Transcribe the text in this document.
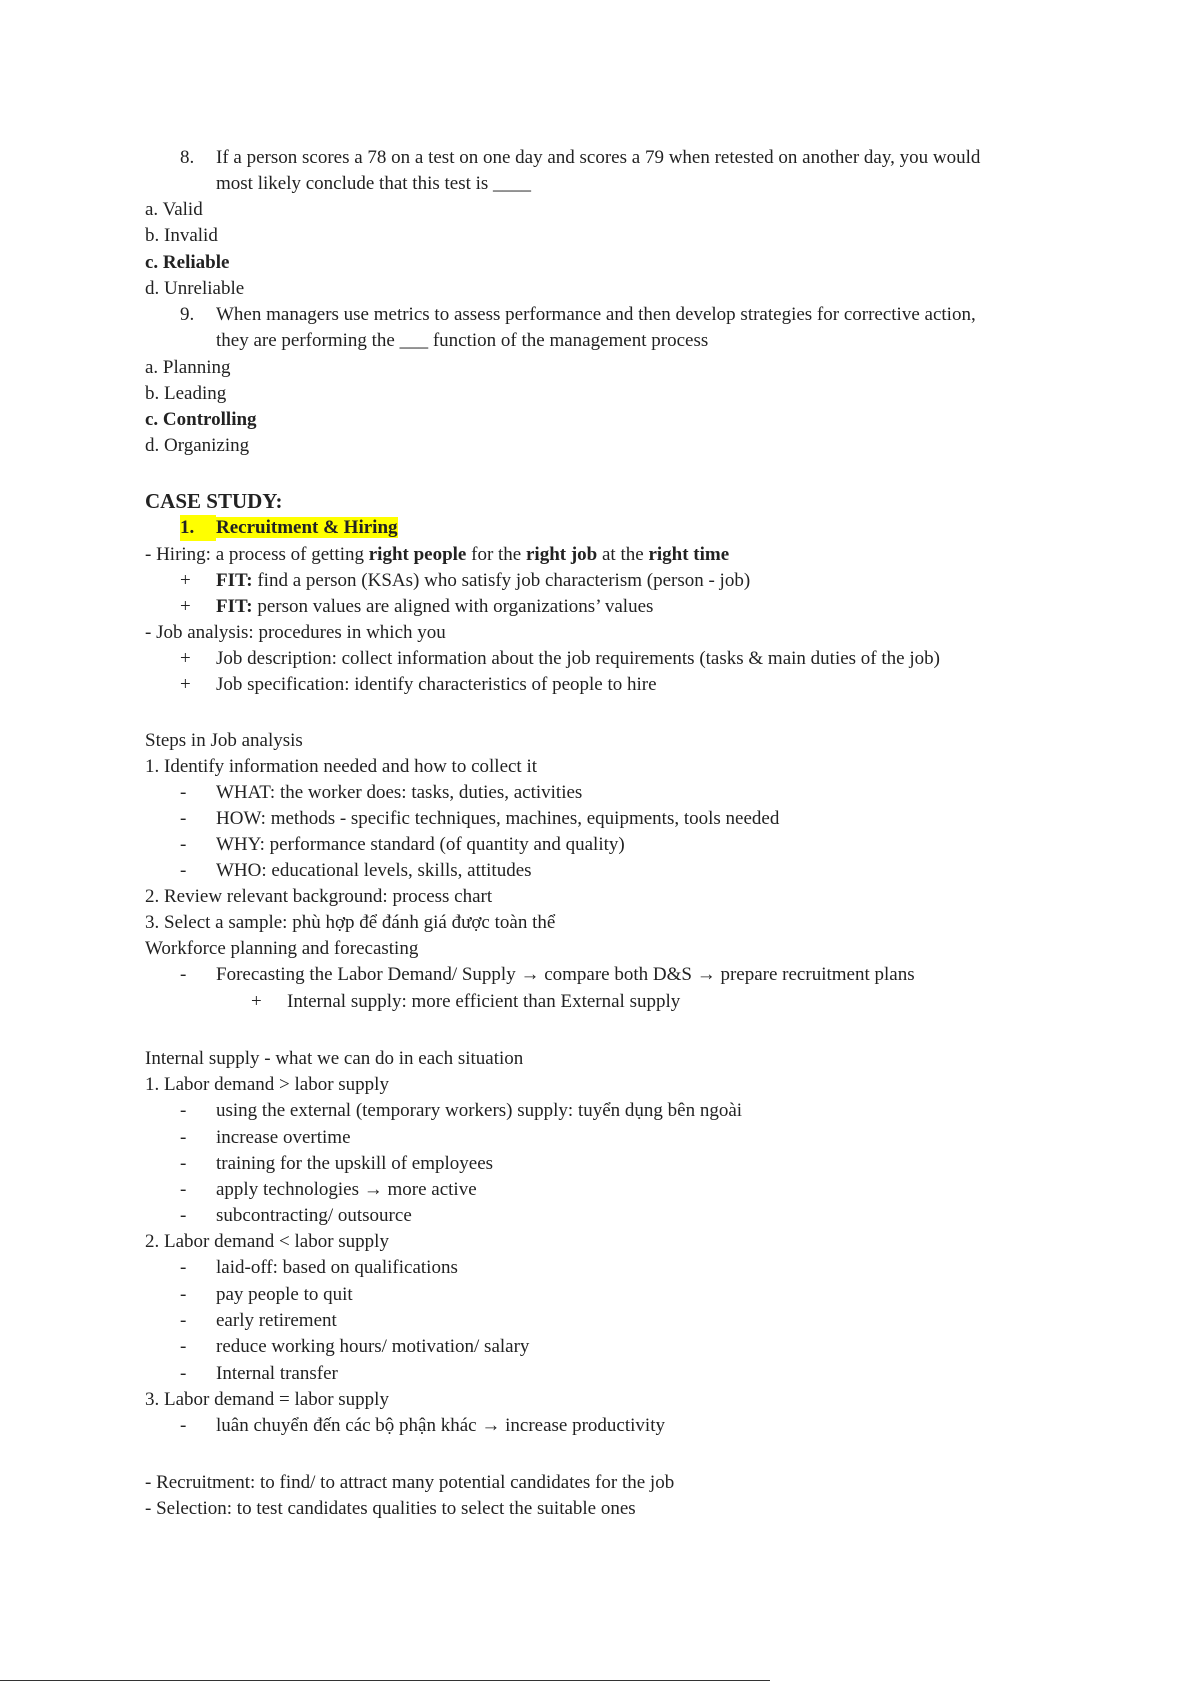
8. If a person scores a 78 on a test on one day and scores a 79 when retested on another day, you would
most likely conclude that this test is ____
a. Valid
b. Invalid
c. Reliable
d. Unreliable
9. When managers use metrics to assess performance and then develop strategies for corrective action,
they are performing the ___ function of the management process
a. Planning
b. Leading
c. Controlling
d. Organizing
CASE STUDY:
1.	Recruitment & Hiring
- Hiring: a process of getting right people for the right job at the right time
+ FIT: find a person (KSAs) who satisfy job characterism (person - job)
+ FIT: person values are aligned with organizations’ values
- Job analysis: procedures in which you
+ Job description: collect information about the job requirements (tasks & main duties of the job)
+ Job specification: identify characteristics of people to hire
Steps in Job analysis
1. Identify information needed and how to collect it
- WHAT: the worker does: tasks, duties, activities
- HOW: methods - specific techniques, machines, equipments, tools needed
- WHY: performance standard (of quantity and quality)
- WHO: educational levels, skills, attitudes
2. Review relevant background: process chart
3. Select a sample: phù hợp để đánh giá được toàn thể
Workforce planning and forecasting
- Forecasting the Labor Demand/ Supply → compare both D&S → prepare recruitment plans
+ Internal supply: more efficient than External supply
Internal supply - what we can do in each situation
1. Labor demand > labor supply
- using the external (temporary workers) supply: tuyển dụng bên ngoài
- increase overtime
- training for the upskill of employees
- apply technologies → more active
- subcontracting/ outsource
2. Labor demand < labor supply
- laid-off: based on qualifications
- pay people to quit
- early retirement
- reduce working hours/ motivation/ salary
- Internal transfer
3. Labor demand = labor supply
- luân chuyển đến các bộ phận khác → increase productivity
- Recruitment: to find/ to attract many potential candidates for the job
- Selection: to test candidates qualities to select the suitable ones
